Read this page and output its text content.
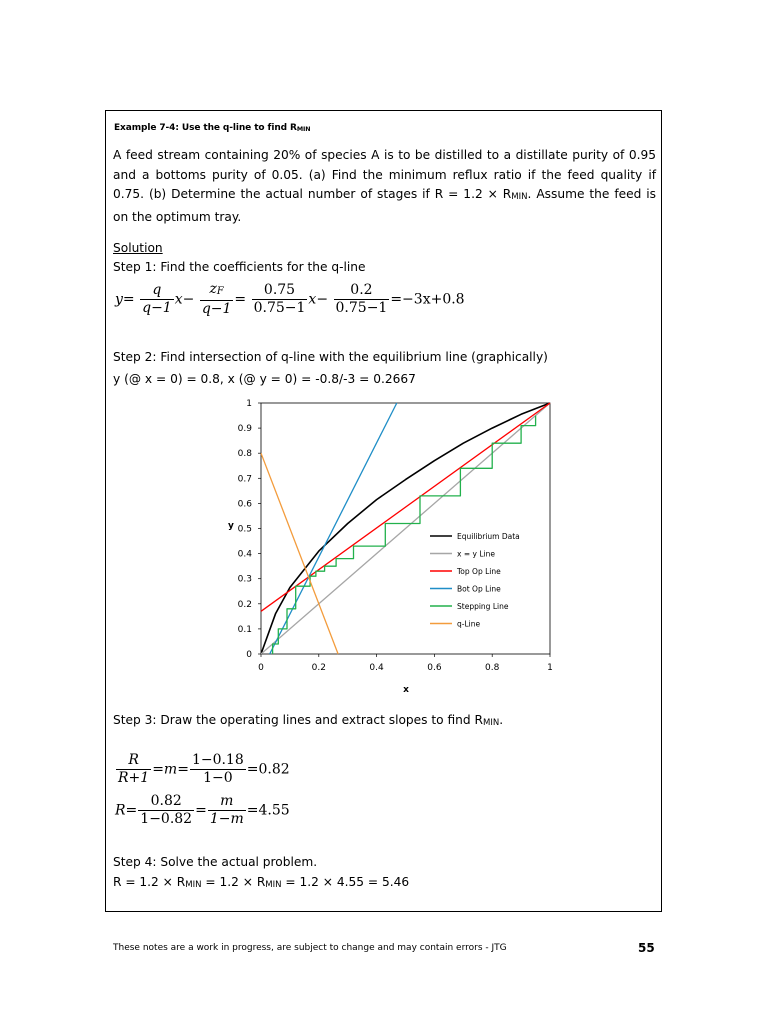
Example 7-4: Use the q-line to find RMIN
A feed stream containing 20% of species A is to be distilled to a distillate purity of 0.95 and a bottoms purity of 0.05. (a) Find the minimum reflux ratio if the feed quality if 0.75. (b) Determine the actual number of stages if R = 1.2 × RMIN. Assume the feed is on the optimum tray.
Solution
Step 1: Find the coefficients for the q-line
$y= \frac{q}{q-1} x- \frac{zF}{q-1} = \frac{0.75}{0.75-1} x- \frac{0.2}{0.75-1} =-3x+0.8$
Step 2: Find intersection of q-line with the equilibrium line (graphically)
y (@ x = 0) = 0.8, x (@ y = 0) = -0.8/-3 = 0.2667
0	0.2	0.4	0.6	0.8	1
0
0.1
0.2
0.3
0.4
0.5
0.6
0.7
0.8
0.9
1
Equilibrium Data
x = y Line
Top Op Line
Bot Op Line
Stepping Line
q-Line
x
y
Step 3: Draw the operating lines and extract slopes to find RMIN.
$\frac{R}{R+1} =m= \frac{1-0.18}{1-0} =0.82$
$R= \frac{0.82}{1-0.82} = \frac{m}{1-m} =4.55$
Step 4: Solve the actual problem.
R = 1.2 × RMIN = 1.2 × RMIN = 1.2 × 4.55 = 5.46
These notes are a work in progress, are subject to change and may contain errors - JTG	55
